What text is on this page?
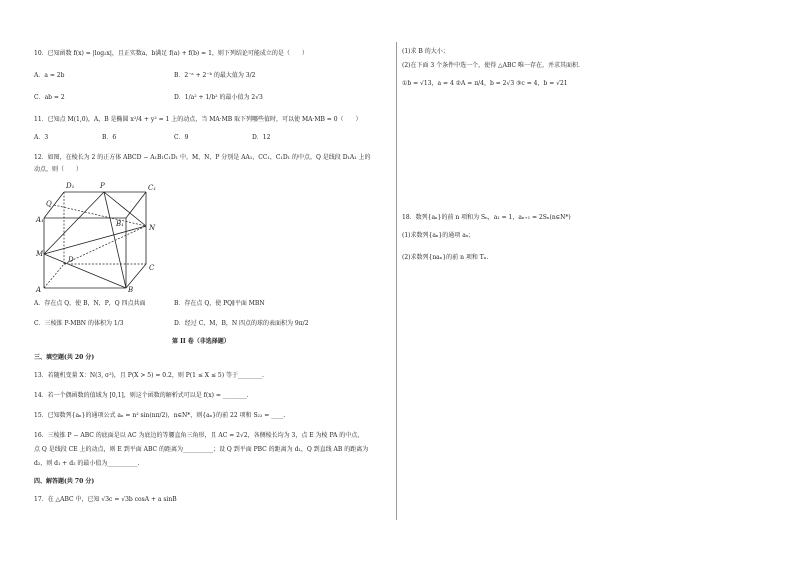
10．已知函数 f(x) = |log₂x|，且正实数a，b满足 f(a) + f(b) = 1，则下列结论可能成立的是（　　）
A．a = 2b	B．2⁻ᵃ + 2⁻ᵇ 的最大值为 3/2
C．ab = 2	D．1/a² + 1/b² 的最小值为 2√3
11．已知点 M(1,0)，A，B 是椭圆 x²/4 + y² = 1 上的动点，当 MA·MB 取下列哪些值时，可以使 MA·MB = 0（　　）
A．3	B．6	C．9	D．12
12．如图，在棱长为 2 的正方体 ABCD − A₁B₁C₁D₁ 中，M，N，P 分别是 AA₁，CC₁，C₁D₁ 的中点，Q 是线段 D₁A₁ 上的
动点，则（　　）
D₁	P	C₁
Q
A₁	B₁	N
M
D
C
A	B
A．存在点 Q，使 B，N，P，Q 四点共面	B．存在点 Q，使 PQ∥平面 MBN
C．三棱锥 P-MBN 的体积为 1/3	D．经过 C，M，B，N 四点的球的表面积为 9π/2
第 II 卷（非选择题）
三、填空题(共 20 分)
13．若随机变量 X：N(3, σ²)，且 P(X > 5) = 0.2，则 P(1 ≤ X ≤ 5) 等于________.
14．若一个偶函数的值域为 [0,1]，则这个函数的解析式可以是 f(x) = ________.
15．已知数列{aₙ}的通项公式 aₙ = n² sin(nπ/2)，n∈N*，则{aₙ}的前 22 项和 S₂₂ = ____.
16．三棱锥 P − ABC 的底面是以 AC 为底边的等腰直角三角形，且 AC = 2√2，各侧棱长均为 3，点 E 为棱 PA 的中点，
点 Q 是线段 CE 上的动点，则 E 到平面 ABC 的距离为__________；设 Q 到平面 PBC 的距离为 d₁，Q 到直线 AB 的距离为
d₂，则 d₁ + d₂ 的最小值为__________.
四、解答题(共 70 分)
17．在 △ABC 中，已知 √3c = √3b cosA + a sinB
(1)求 B 的大小；
(2)在下面 3 个条件中选一个，使得 △ABC 唯一存在，并求其面积.
①b = √13，a = 4 ②A = π/4，b = 2√3 ③c = 4，b = √21
18．数列{aₙ}的前 n 项和为 Sₙ，a₁ = 1，aₙ₊₁ = 2Sₙ(n∈N*)
(1)求数列{aₙ}的通项 aₙ；
(2)求数列{naₙ}的前 n 项和 Tₙ.
